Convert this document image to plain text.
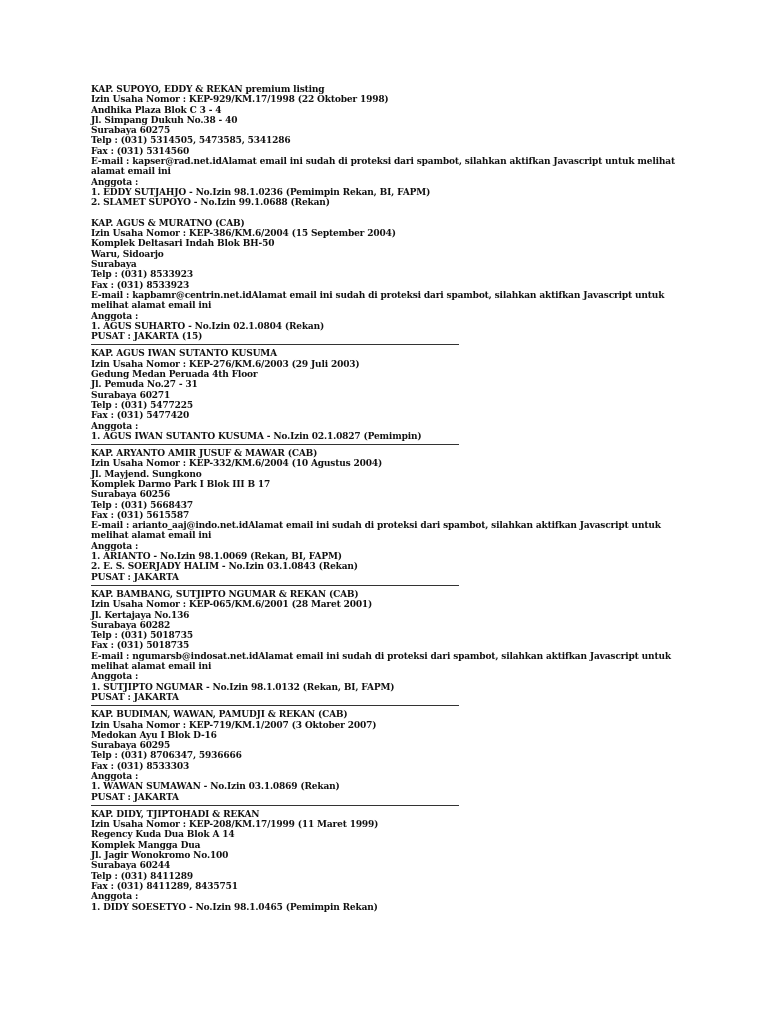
KAP. SUPOYO, EDDY & REKAN premium listing
Izin Usaha Nomor : KEP-929/KM.17/1998 (22 Oktober 1998)
Andhika Plaza Blok C 3 - 4
Jl. Simpang Dukuh No.38 - 40
Surabaya 60275
Telp : (031) 5314505, 5473585, 5341286
Fax : (031) 5314560
E-mail : kapser@rad.net.idAlamat email ini sudah di proteksi dari spambot, silahkan aktifkan Javascript untuk melihat alamat email ini
Anggota :
1. EDDY SUTJAHJO - No.Izin 98.1.0236 (Pemimpin Rekan, BI, FAPM)
2. SLAMET SUPOYO - No.Izin 99.1.0688 (Rekan)
KAP. AGUS & MURATNO (CAB)
Izin Usaha Nomor : KEP-386/KM.6/2004 (15 September 2004)
Komplek Deltasari Indah Blok BH-50
Waru, Sidoarjo
Surabaya
Telp : (031) 8533923
Fax : (031) 8533923
E-mail : kapbamr@centrin.net.idAlamat email ini sudah di proteksi dari spambot, silahkan aktifkan Javascript untuk melihat alamat email ini
Anggota :
1. AGUS SUHARTO - No.Izin 02.1.0804 (Rekan)
PUSAT : JAKARTA (15)
KAP. AGUS IWAN SUTANTO KUSUMA
Izin Usaha Nomor : KEP-276/KM.6/2003 (29 Juli 2003)
Gedung Medan Peruada 4th Floor
Jl. Pemuda No.27 - 31
Surabaya 60271
Telp : (031) 5477225
Fax : (031) 5477420
Anggota :
1. AGUS IWAN SUTANTO KUSUMA - No.Izin 02.1.0827 (Pemimpin)
KAP. ARYANTO AMIR JUSUF & MAWAR (CAB)
Izin Usaha Nomor : KEP-332/KM.6/2004 (10 Agustus 2004)
Jl. Mayjend. Sungkono
Komplek Darmo Park I Blok III B 17
Surabaya 60256
Telp : (031) 5668437
Fax : (031) 5615587
E-mail : arianto_aaj@indo.net.idAlamat email ini sudah di proteksi dari spambot, silahkan aktifkan Javascript untuk melihat alamat email ini
Anggota :
1. ARIANTO - No.Izin 98.1.0069 (Rekan, BI, FAPM)
2. E. S. SOERJADY HALIM - No.Izin 03.1.0843 (Rekan)
PUSAT : JAKARTA
KAP. BAMBANG, SUTJIPTO NGUMAR & REKAN (CAB)
Izin Usaha Nomor : KEP-065/KM.6/2001 (28 Maret 2001)
Jl. Kertajaya No.136
Surabaya 60282
Telp : (031) 5018735
Fax : (031) 5018735
E-mail : ngumarsb@indosat.net.idAlamat email ini sudah di proteksi dari spambot, silahkan aktifkan Javascript untuk melihat alamat email ini
Anggota :
1. SUTJIPTO NGUMAR - No.Izin 98.1.0132 (Rekan, BI, FAPM)
PUSAT : JAKARTA
KAP. BUDIMAN, WAWAN, PAMUDJI & REKAN (CAB)
Izin Usaha Nomor : KEP-719/KM.1/2007 (3 Oktober 2007)
Medokan Ayu I Blok D-16
Surabaya 60295
Telp : (031) 8706347, 5936666
Fax : (031) 8533303
Anggota :
1. WAWAN SUMAWAN - No.Izin 03.1.0869 (Rekan)
PUSAT : JAKARTA
KAP. DIDY, TJIPTOHADI & REKAN
Izin Usaha Nomor : KEP-208/KM.17/1999 (11 Maret 1999)
Regency Kuda Dua Blok A 14
Komplek Mangga Dua
Jl. Jagir Wonokromo No.100
Surabaya 60244
Telp : (031) 8411289
Fax : (031) 8411289, 8435751
Anggota :
1. DIDY SOESETYO - No.Izin 98.1.0465 (Pemimpin Rekan)
